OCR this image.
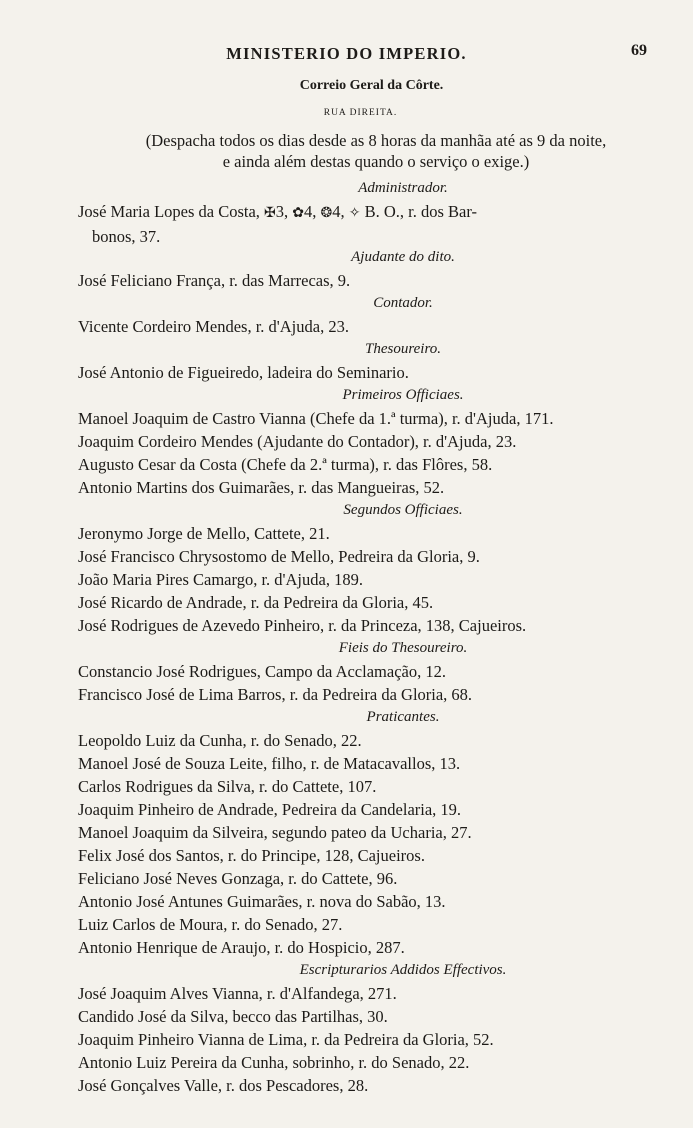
MINISTERIO DO IMPERIO.	69
Correio Geral da Côrte.
RUA DIREITA.
(Despacha todos os dias desde as 8 horas da manhãa até as 9 da noite,
e ainda além destas quando o serviço o exige.)
Administrador.
José Maria Lopes da Costa, ✠3, ✿4, ❂4, ✧ B. O., r. dos Bar-
bonos, 37.
Ajudante do dito.
José Feliciano França, r. das Marrecas, 9.
Contador.
Vicente Cordeiro Mendes, r. d'Ajuda, 23.
Thesoureiro.
José Antonio de Figueiredo, ladeira do Seminario.
Primeiros Officiaes.
Manoel Joaquim de Castro Vianna (Chefe da 1.ª turma), r. d'Ajuda, 171.
Joaquim Cordeiro Mendes (Ajudante do Contador), r. d'Ajuda, 23.
Augusto Cesar da Costa (Chefe da 2.ª turma), r. das Flôres, 58.
Antonio Martins dos Guimarães, r. das Mangueiras, 52.
Segundos Officiaes.
Jeronymo Jorge de Mello, Cattete, 21.
José Francisco Chrysostomo de Mello, Pedreira da Gloria, 9.
João Maria Pires Camargo, r. d'Ajuda, 189.
José Ricardo de Andrade, r. da Pedreira da Gloria, 45.
José Rodrigues de Azevedo Pinheiro, r. da Princeza, 138, Cajueiros.
Fieis do Thesoureiro.
Constancio José Rodrigues, Campo da Acclamação, 12.
Francisco José de Lima Barros, r. da Pedreira da Gloria, 68.
Praticantes.
Leopoldo Luiz da Cunha, r. do Senado, 22.
Manoel José de Souza Leite, filho, r. de Matacavallos, 13.
Carlos Rodrigues da Silva, r. do Cattete, 107.
Joaquim Pinheiro de Andrade, Pedreira da Candelaria, 19.
Manoel Joaquim da Silveira, segundo pateo da Ucharia, 27.
Felix José dos Santos, r. do Principe, 128, Cajueiros.
Feliciano José Neves Gonzaga, r. do Cattete, 96.
Antonio José Antunes Guimarães, r. nova do Sabão, 13.
Luiz Carlos de Moura, r. do Senado, 27.
Antonio Henrique de Araujo, r. do Hospicio, 287.
Escripturarios Addidos Effectivos.
José Joaquim Alves Vianna, r. d'Alfandega, 271.
Candido José da Silva, becco das Partilhas, 30.
Joaquim Pinheiro Vianna de Lima, r. da Pedreira da Gloria, 52.
Antonio Luiz Pereira da Cunha, sobrinho, r. do Senado, 22.
José Gonçalves Valle, r. dos Pescadores, 28.
